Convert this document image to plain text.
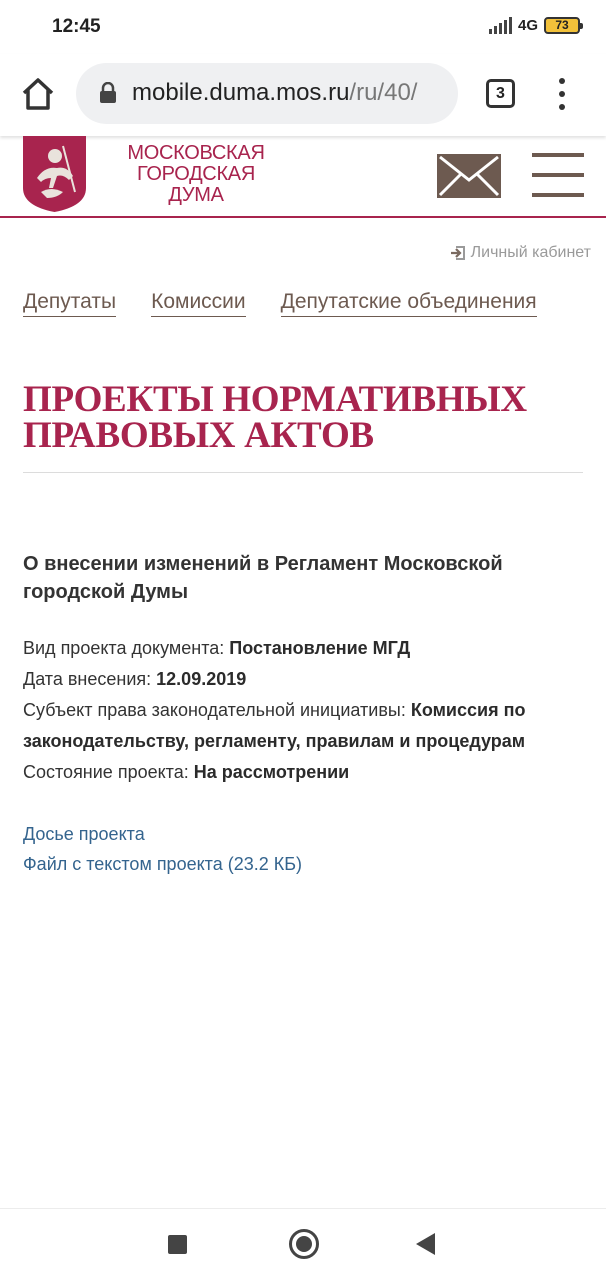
12:45	4G	73
mobile.duma.mos.ru/ru/40/	3
МОСКОВСКАЯ
ГОРОДСКАЯ
ДУМА
Личный кабинет
Депутаты Комиссии Депутатские объединения
ПРОЕКТЫ НОРМАТИВНЫХ ПРАВОВЫХ АКТОВ
О внесении изменений в Регламент Московской городской Думы
Вид проекта документа: Постановление МГД
Дата внесения: 12.09.2019
Субъект права законодательной инициативы: Комиссия по законодательству, регламенту, правилам и процедурам
Состояние проекта: На рассмотрении
Досье проекта
Файл с текстом проекта (23.2 КБ)
